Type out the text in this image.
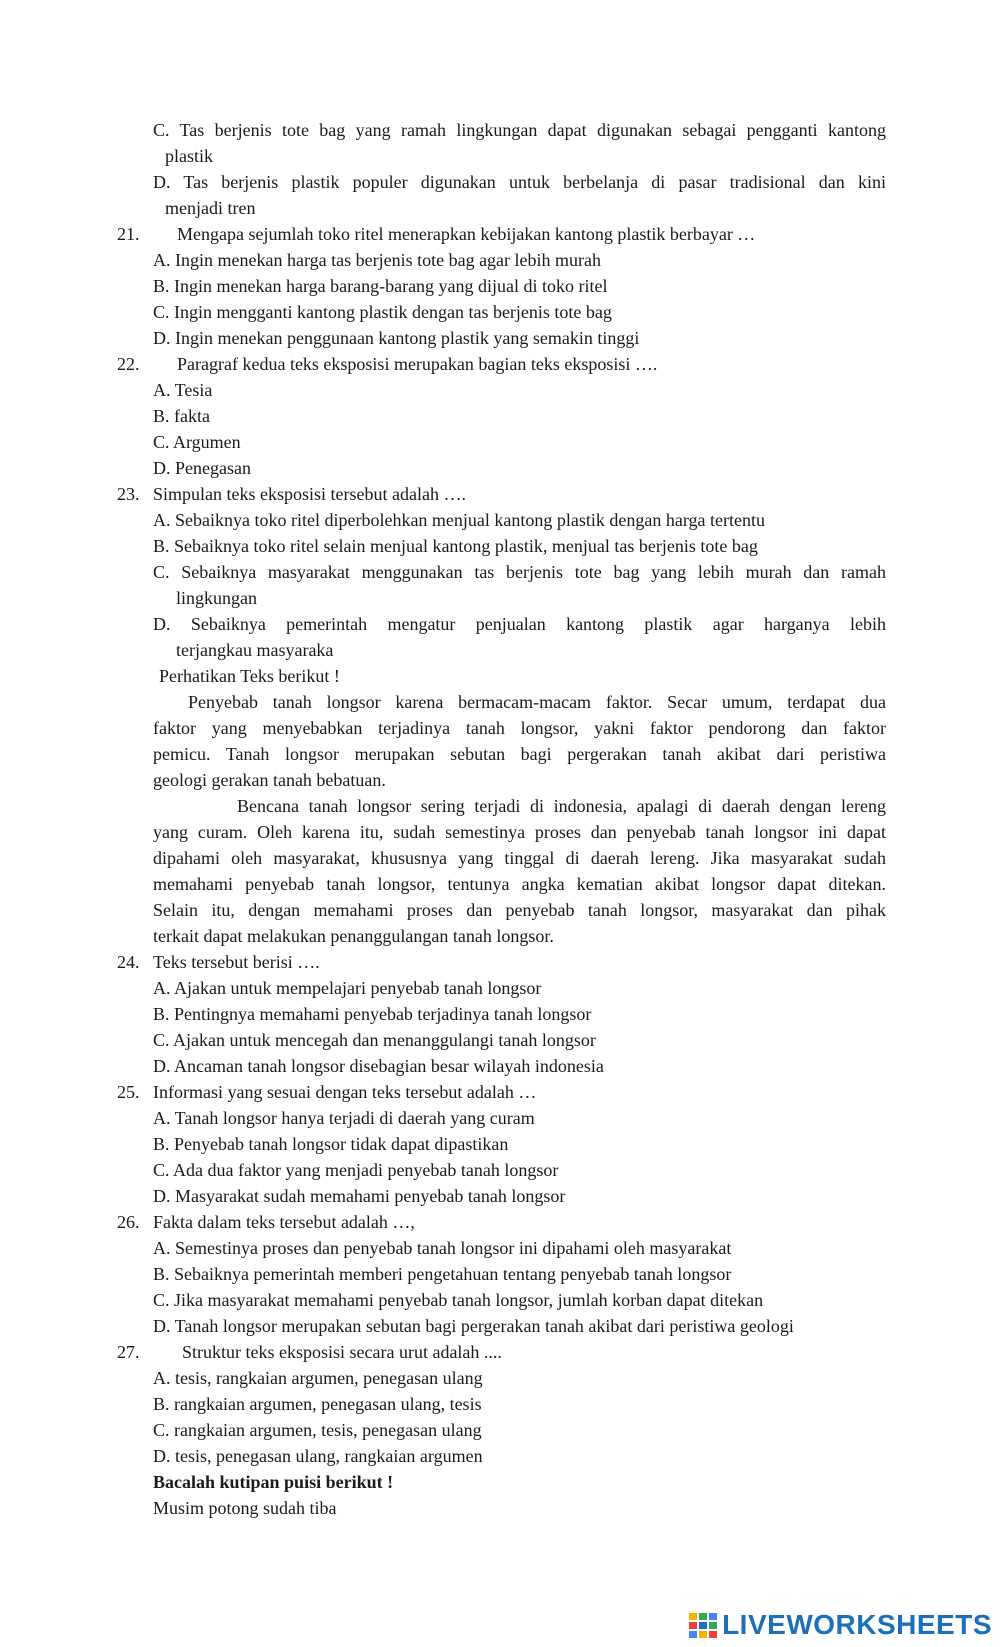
C. Tas berjenis tote bag yang ramah lingkungan dapat digunakan sebagai pengganti kantong
plastik
D. Tas berjenis plastik populer digunakan untuk berbelanja di pasar tradisional dan kini
menjadi tren
21. Mengapa sejumlah toko ritel menerapkan kebijakan kantong plastik berbayar …
A. Ingin menekan harga tas berjenis tote bag agar lebih murah
B. Ingin menekan harga barang-barang yang dijual di toko ritel
C. Ingin mengganti kantong plastik dengan tas berjenis tote bag
D. Ingin menekan penggunaan kantong plastik yang semakin tinggi
22. Paragraf kedua teks eksposisi merupakan bagian teks eksposisi ….
A. Tesia
B. fakta
C. Argumen
D. Penegasan
23. Simpulan teks eksposisi tersebut adalah ….
A. Sebaiknya toko ritel diperbolehkan menjual kantong plastik dengan harga tertentu
B. Sebaiknya toko ritel selain menjual kantong plastik, menjual tas berjenis tote bag
C. Sebaiknya masyarakat menggunakan tas berjenis tote bag yang lebih murah dan ramah
lingkungan
D. Sebaiknya pemerintah mengatur penjualan kantong plastik agar harganya lebih
terjangkau masyaraka
Perhatikan Teks berikut !
Penyebab tanah longsor karena bermacam-macam faktor. Secar umum, terdapat dua
faktor yang menyebabkan terjadinya tanah longsor, yakni faktor pendorong dan faktor
pemicu. Tanah longsor merupakan sebutan bagi pergerakan tanah akibat dari peristiwa
geologi gerakan tanah bebatuan.
Bencana tanah longsor sering terjadi di indonesia, apalagi di daerah dengan lereng
yang curam. Oleh karena itu, sudah semestinya proses dan penyebab tanah longsor ini dapat
dipahami oleh masyarakat, khususnya yang tinggal di daerah lereng. Jika masyarakat sudah
memahami penyebab tanah longsor, tentunya angka kematian akibat longsor dapat ditekan.
Selain itu, dengan memahami proses dan penyebab tanah longsor, masyarakat dan pihak
terkait dapat melakukan penanggulangan tanah longsor.
24. Teks tersebut berisi ….
A. Ajakan untuk mempelajari penyebab tanah longsor
B. Pentingnya memahami penyebab terjadinya tanah longsor
C. Ajakan untuk mencegah dan menanggulangi tanah longsor
D. Ancaman tanah longsor disebagian besar wilayah indonesia
25. Informasi yang sesuai dengan teks tersebut adalah …
A. Tanah longsor hanya terjadi di daerah yang curam
B. Penyebab tanah longsor tidak dapat dipastikan
C. Ada dua faktor yang menjadi penyebab tanah longsor
D. Masyarakat sudah memahami penyebab tanah longsor
26. Fakta dalam teks tersebut adalah …,
A. Semestinya proses dan penyebab tanah longsor ini dipahami oleh masyarakat
B. Sebaiknya pemerintah memberi pengetahuan tentang penyebab tanah longsor
C. Jika masyarakat memahami penyebab tanah longsor, jumlah korban dapat ditekan
D. Tanah longsor merupakan sebutan bagi pergerakan tanah akibat dari peristiwa geologi
27. Struktur teks eksposisi secara urut adalah ....
A. tesis, rangkaian argumen, penegasan ulang
B. rangkaian argumen, penegasan ulang, tesis
C. rangkaian argumen, tesis, penegasan ulang
D. tesis, penegasan ulang, rangkaian argumen
Bacalah kutipan puisi berikut !
Musim potong sudah tiba
LIVEWORKSHEETS
